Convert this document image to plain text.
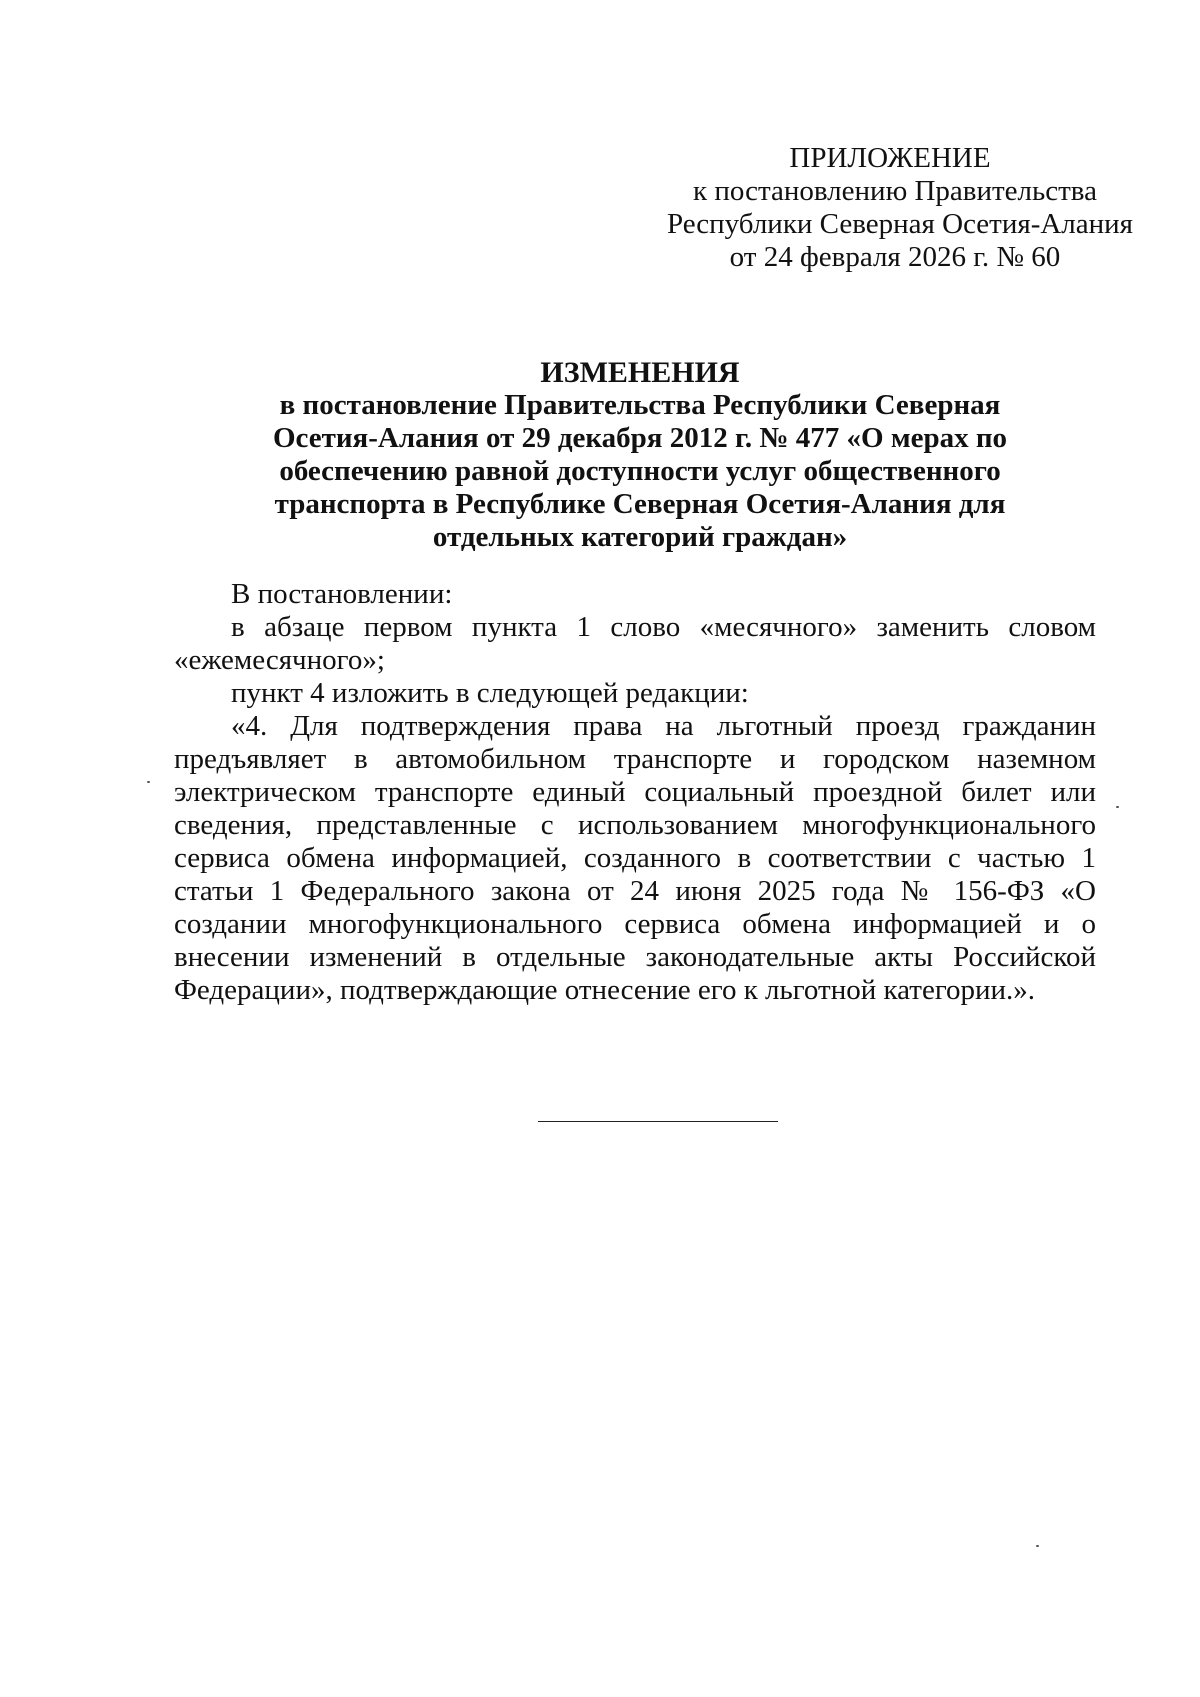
ПРИЛОЖЕНИЕ
к постановлению Правительства
Республики Северная Осетия-Алания
от 24 февраля 2026 г. № 60
ИЗМЕНЕНИЯ
в постановление Правительства Республики Северная
Осетия-Алания от 29 декабря 2012 г. № 477 «О мерах по
обеспечению равной доступности услуг общественного
транспорта в Республике Северная Осетия-Алания для
отдельных категорий граждан»

В постановлении:

в абзаце первом пункта 1 слово «месячного» заменить словом «ежемесячного»;

пункт 4 изложить в следующей редакции:

«4. Для подтверждения права на льготный проезд гражданин предъявляет в автомобильном транспорте и городском наземном электрическом транспорте единый социальный проездной билет или сведения, представленные с использованием многофункционального сервиса обмена информацией, созданного в соответствии с частью 1 статьи 1 Федерального закона от 24 июня 2025 года № 156-ФЗ «О создании многофункционального сервиса обмена информацией и о внесении изменений в отдельные законодательные акты Российской Федерации», подтверждающие отнесение его к льготной категории.».
